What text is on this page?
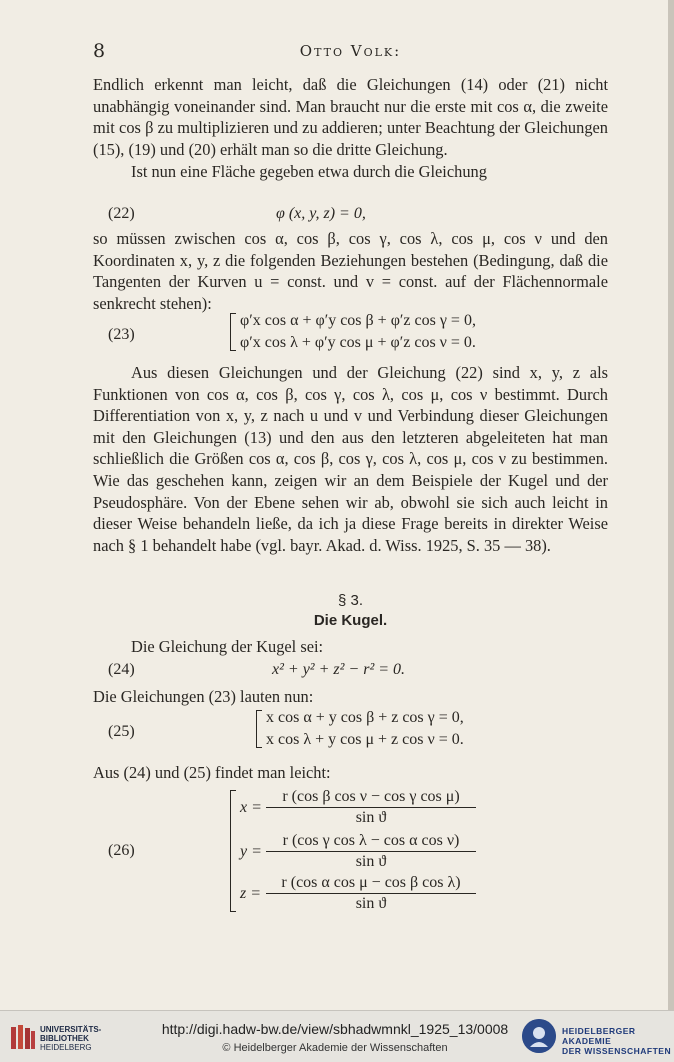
8	Otto Volk:

Endlich erkennt man leicht, daß die Gleichungen (14) oder (21) nicht unabhängig voneinander sind. Man braucht nur die erste mit cos α, die zweite mit cos β zu multiplizieren und zu addieren; unter Beachtung der Gleichungen (15), (19) und (20) erhält man so die dritte Gleichung.

Ist nun eine Fläche gegeben etwa durch die Gleichung

(22)	φ (x, y, z) = 0,

so müssen zwischen cos α, cos β, cos γ, cos λ, cos μ, cos ν und den Koordinaten x, y, z die folgenden Beziehungen bestehen (Bedingung, daß die Tangenten der Kurven u = const. und v = const. auf der Flächennormale senkrecht stehen):

(23)
φ′x cos α + φ′y cos β + φ′z cos γ = 0,
φ′x cos λ + φ′y cos μ + φ′z cos ν = 0.

Aus diesen Gleichungen und der Gleichung (22) sind x, y, z als Funktionen von cos α, cos β, cos γ, cos λ, cos μ, cos ν bestimmt. Durch Differentiation von x, y, z nach u und v und Verbindung dieser Gleichungen mit den Gleichungen (13) und den aus den letzteren abgeleiteten hat man schließlich die Größen cos α, cos β, cos γ, cos λ, cos μ, cos ν zu bestimmen. Wie das geschehen kann, zeigen wir an dem Beispiele der Kugel und der Pseudosphäre. Von der Ebene sehen wir ab, obwohl sie sich auch leicht in dieser Weise behandeln ließe, da ich ja diese Frage bereits in direkter Weise nach § 1 behandelt habe (vgl. bayr. Akad. d. Wiss. 1925, S. 35 — 38).

§ 3.
Die Kugel.

Die Gleichung der Kugel sei:

(24)	x² + y² + z² − r² = 0.

Die Gleichungen (23) lauten nun:

(25)
x cos α + y cos β + z cos γ = 0,
x cos λ + y cos μ + z cos ν = 0.

Aus (24) und (25) findet man leicht:

(26)
$x = \frac{\text{r (cos β cos ν − cos γ cos μ)}}{\text{sin ϑ}}$
$y = \frac{\text{r (cos γ cos λ − cos α cos ν)}}{\text{sin ϑ}}$
$z = \frac{\text{r (cos α cos μ − cos β cos λ)}}{\text{sin ϑ}}$
UNIVERSITÄTS-
BIBLIOTHEK
HEIDELBERG
http://digi.hadw-bw.de/view/sbhadwmnkl_1925_13/0008
© Heidelberger Akademie der Wissenschaften
HEIDELBERGER AKADEMIE
DER WISSENSCHAFTEN
